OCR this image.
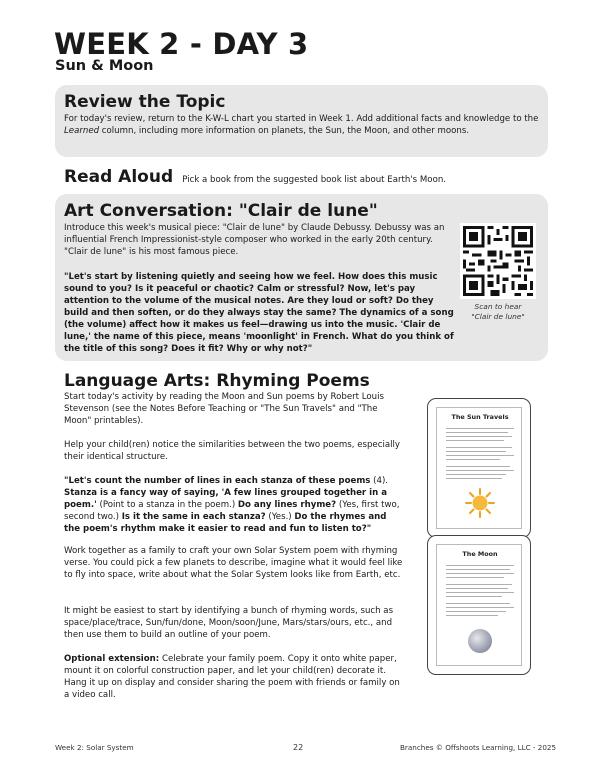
WEEK 2 - DAY 3
Sun & Moon
Review the Topic
For today's review, return to the K-W-L chart you started in Week 1. Add additional facts and knowledge to the Learned column, including more information on planets, the Sun, the Moon, and other moons.
Read Aloud Pick a book from the suggested book list about Earth's Moon.
Art Conversation: "Clair de lune"
Introduce this week's musical piece: "Clair de lune" by Claude Debussy. Debussy was an influential French Impressionist-style composer who worked in the early 20th century. "Clair de lune" is his most famous piece.
"Let's start by listening quietly and seeing how we feel. How does this music sound to you? Is it peaceful or chaotic? Calm or stressful? Now, let's pay attention to the volume of the musical notes. Are they loud or soft? Do they build and then soften, or do they always stay the same? The dynamics of a song (the volume) affect how it makes us feel—drawing us into the music. 'Clair de lune,' the name of this piece, means 'moonlight' in French. What do you think of the title of this song? Does it fit? Why or why not?"
Scan to hear
"Clair de lune"
Language Arts: Rhyming Poems
Start today's activity by reading the Moon and Sun poems by Robert Louis Stevenson (see the Notes Before Teaching or "The Sun Travels" and "The Moon" printables).
Help your child(ren) notice the similarities between the two poems, especially their identical structure.
"Let's count the number of lines in each stanza of these poems (4). Stanza is a fancy way of saying, 'A few lines grouped together in a poem.' (Point to a stanza in the poem.) Do any lines rhyme? (Yes, first two, second two.) Is it the same in each stanza? (Yes.) Do the rhymes and the poem's rhythm make it easier to read and fun to listen to?"
Work together as a family to craft your own Solar System poem with rhyming verse. You could pick a few planets to describe, imagine what it would feel like to fly into space, write about what the Solar System looks like from Earth, etc.
It might be easiest to start by identifying a bunch of rhyming words, such as space/place/trace, Sun/fun/done, Moon/soon/June, Mars/stars/ours, etc., and then use them to build an outline of your poem.
Optional extension: Celebrate your family poem. Copy it onto white paper, mount it on colorful construction paper, and let your child(ren) decorate it. Hang it up on display and consider sharing the poem with friends or family on a video call.
The Sun Travels
The Moon
Week 2: Solar System	22	Branches © Offshoots Learning, LLC - 2025
